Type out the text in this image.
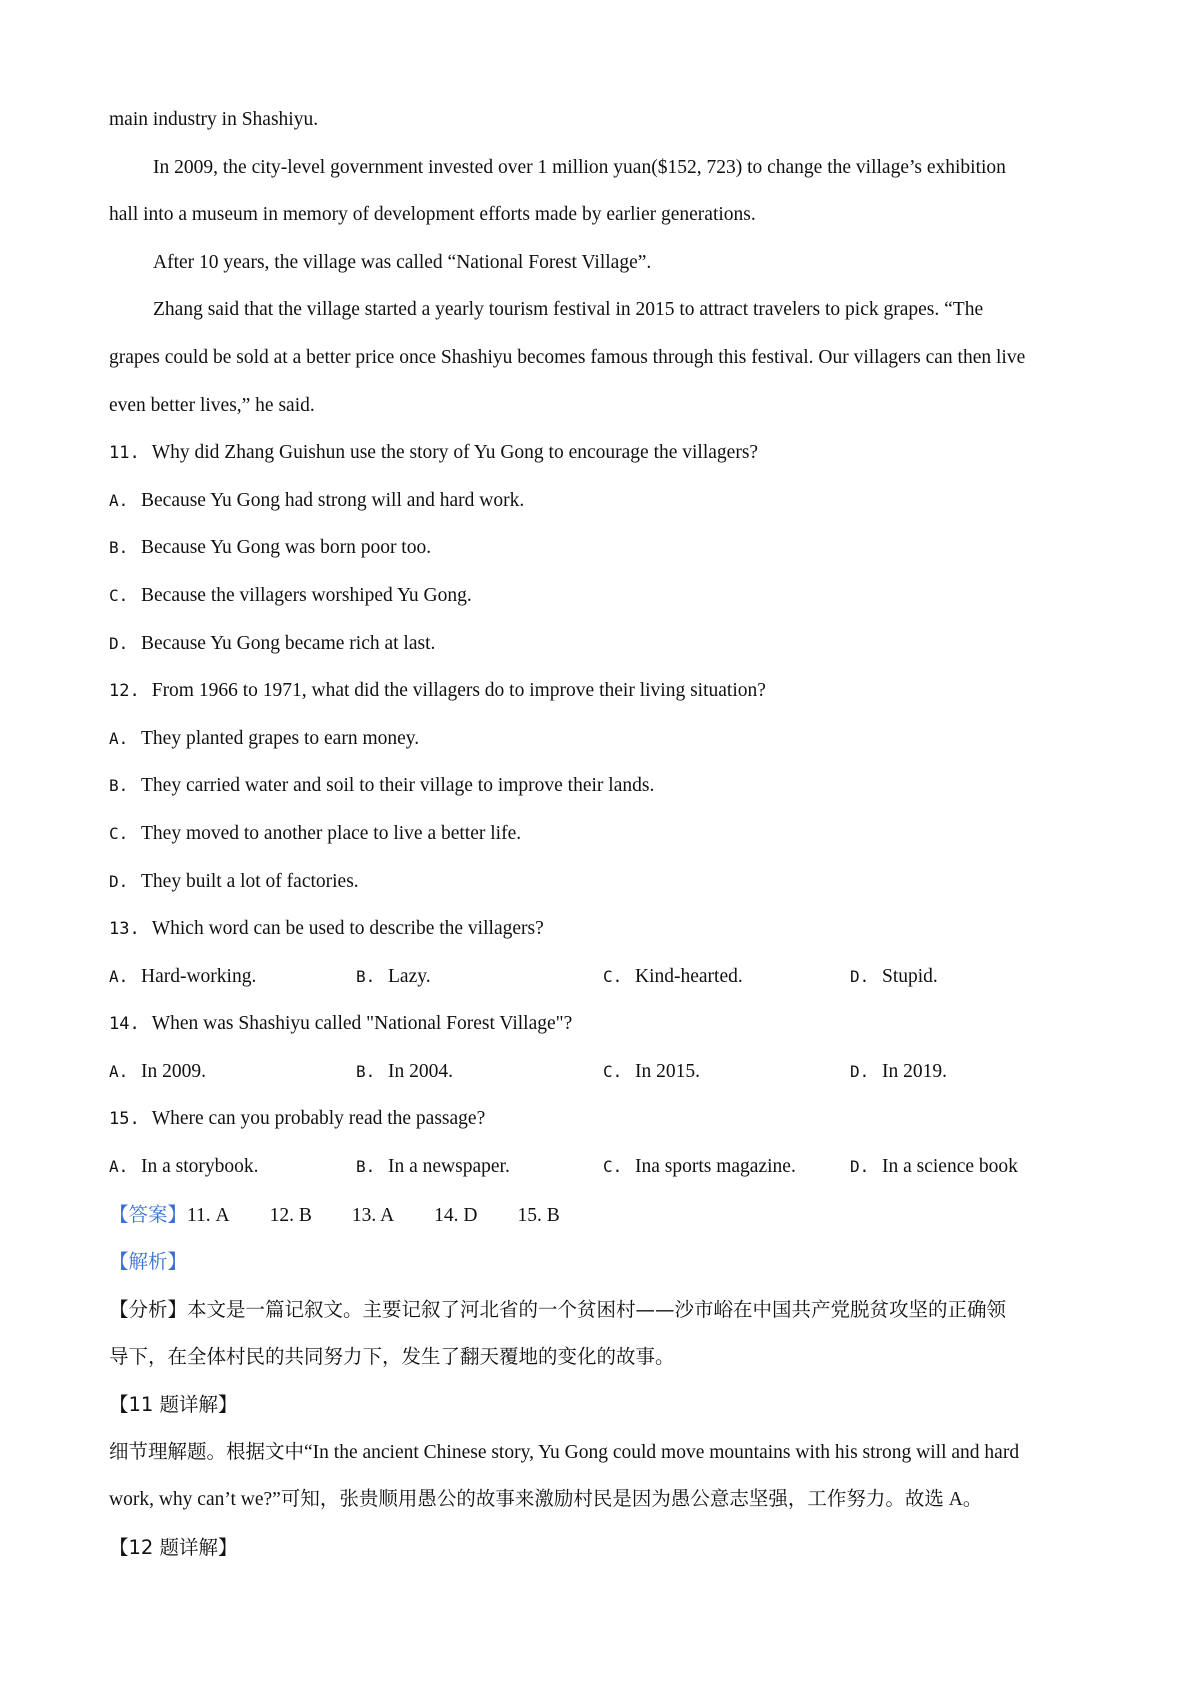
main industry in Shashiyu.
In 2009, the city-level government invested over 1 million yuan($152, 723) to change the village’s exhibition
hall into a museum in memory of development efforts made by earlier generations.
After 10 years, the village was called “National Forest Village”.
Zhang said that the village started a yearly tourism festival in 2015 to attract travelers to pick grapes. “The
grapes could be sold at a better price once Shashiyu becomes famous through this festival. Our villagers can then live
even better lives,” he said.
11. Why did Zhang Guishun use the story of Yu Gong to encourage the villagers?
A. Because Yu Gong had strong will and hard work.
B. Because Yu Gong was born poor too.
C. Because the villagers worshiped Yu Gong.
D. Because Yu Gong became rich at last.
12. From 1966 to 1971, what did the villagers do to improve their living situation?
A. They planted grapes to earn money.
B. They carried water and soil to their village to improve their lands.
C. They moved to another place to live a better life.
D. They built a lot of factories.
13. Which word can be used to describe the villagers?
A. Hard-working.	B. Lazy.	C. Kind-hearted.	D. Stupid.
14. When was Shashiyu called "National Forest Village"?
A. In 2009.	B. In 2004.	C. In 2015.	D. In 2019.
15. Where can you probably read the passage?
A. In a storybook.	B. In a newspaper.	C. Ina sports magazine.	D. In a science book
【答案】11. A 12. B 13. A 14. D 15. B
【解析】
【分析】本文是一篇记叙文。主要记叙了河北省的一个贫困村——沙市峪在中国共产党脱贫攻坚的正确领
导下，在全体村民的共同努力下，发生了翻天覆地的变化的故事。
【11 题详解】
细节理解题。根据文中“In the ancient Chinese story, Yu Gong could move mountains with his strong will and hard
work, why can’t we?”可知，张贵顺用愚公的故事来激励村民是因为愚公意志坚强，工作努力。故选 A。
【12 题详解】
